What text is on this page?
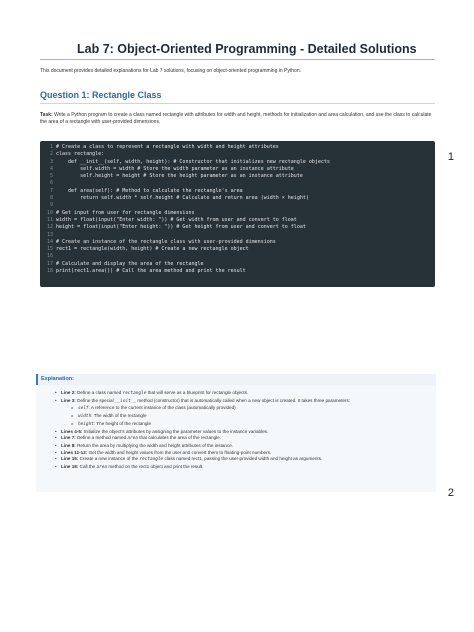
Lab 7: Object-Oriented Programming - Detailed Solutions
This document provides detailed explanations for Lab 7 solutions, focusing on object-oriented programming in Python.
Question 1: Rectangle Class
Task: Write a Python program to create a class named rectangle with attributes for width and height, methods for initialization and area calculation, and use the class to calculate the area of a rectangle with user-provided dimensions.
1 # Create a class to represent a rectangle with width and height attributes
2 class rectangle:
3 def __init__(self, width, height): # Constructor that initializes new rectangle objects
4 self.width = width # Store the width parameter as an instance attribute
5 self.height = height # Store the height parameter as an instance attribute
6
7 def area(self): # Method to calculate the rectangle's area
8 return self.width * self.height # Calculate and return area (width × height)
9
10 # Get input from user for rectangle dimensions
11 width = float(input("Enter width: ")) # Get width from user and convert to float
12 height = float(input("Enter height: ")) # Get height from user and convert to float
13
14 # Create an instance of the rectangle class with user-provided dimensions
15 rect1 = rectangle(width, height) # Create a new rectangle object
16
17 # Calculate and display the area of the rectangle
18 print(rect1.area()) # Call the area method and print the result
1
Explanation:
• Line 2: Define a class named rectangle that will serve as a blueprint for rectangle objects.
• Line 3: Define the special __init__ method (constructor) that is automatically called when a new object is created. It takes three parameters:
o self: A reference to the current instance of the class (automatically provided)
o width: The width of the rectangle
o height: The height of the rectangle
• Lines 4-5: Initialize the object's attributes by assigning the parameter values to the instance variables.
• Line 7: Define a method named area that calculates the area of the rectangle.
• Line 8: Return the area by multiplying the width and height attributes of the instance.
• Lines 11-12: Get the width and height values from the user and convert them to floating-point numbers.
• Line 15: Create a new instance of the rectangle class named rect1, passing the user-provided width and height as arguments.
• Line 18: Call the area method on the rect1 object and print the result.
2
